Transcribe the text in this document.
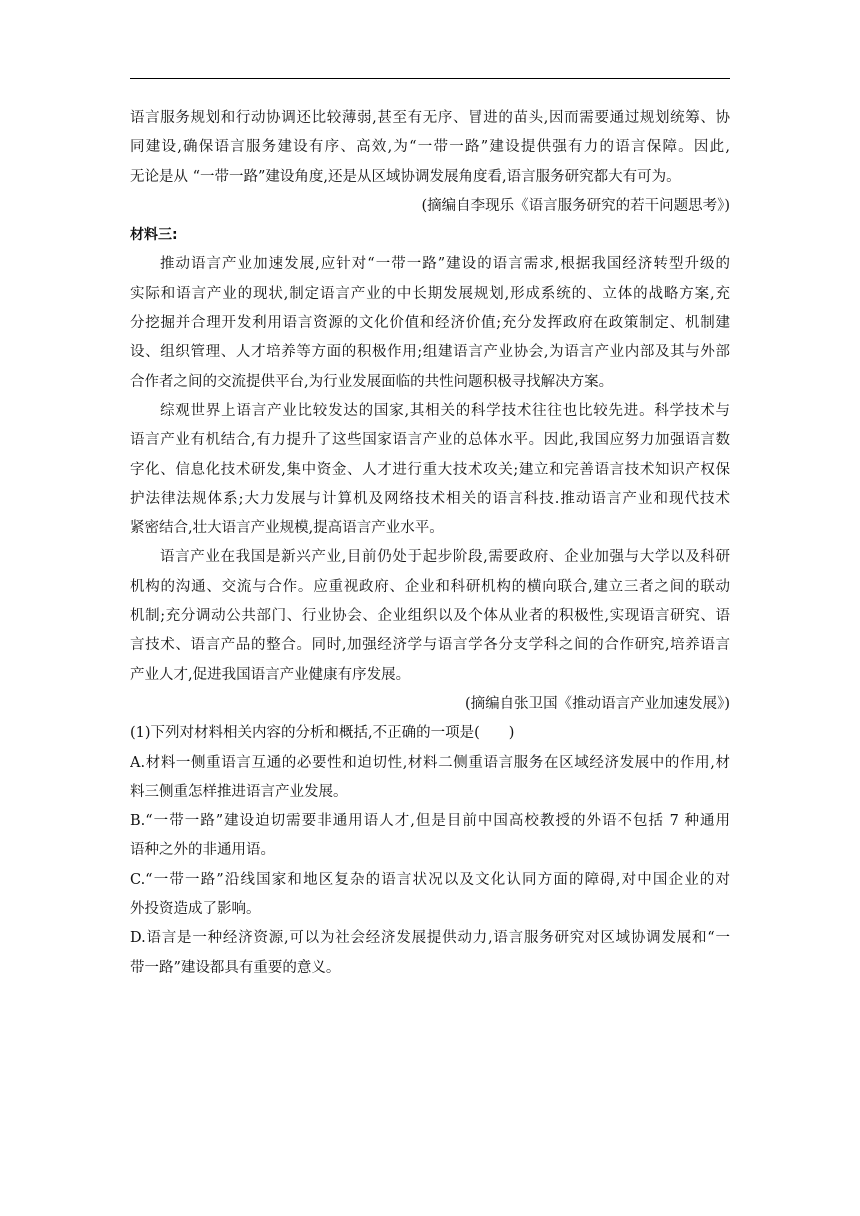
语言服务规划和行动协调还比较薄弱,甚至有无序、冒进的苗头,因而需要通过规划统筹、协
同建设,确保语言服务建设有序、高效,为“一带一路”建设提供强有力的语言保障。因此,
无论是从 “一带一路”建设角度,还是从区域协调发展角度看,语言服务研究都大有可为。
(摘编自李现乐《语言服务研究的若干问题思考》)
材料三:
推动语言产业加速发展,应针对“一带一路”建设的语言需求,根据我国经济转型升级的
实际和语言产业的现状,制定语言产业的中长期发展规划,形成系统的、立体的战略方案,充
分挖掘并合理开发利用语言资源的文化价值和经济价值;充分发挥政府在政策制定、机制建
设、组织管理、人才培养等方面的积极作用;组建语言产业协会,为语言产业内部及其与外部
合作者之间的交流提供平台,为行业发展面临的共性问题积极寻找解决方案。
综观世界上语言产业比较发达的国家,其相关的科学技术往往也比较先进。科学技术与
语言产业有机结合,有力提升了这些国家语言产业的总体水平。因此,我国应努力加强语言数
字化、信息化技术研发,集中资金、人才进行重大技术攻关;建立和完善语言技术知识产权保
护法律法规体系;大力发展与计算机及网络技术相关的语言科技.推动语言产业和现代技术
紧密结合,壮大语言产业规模,提高语言产业水平。
语言产业在我国是新兴产业,目前仍处于起步阶段,需要政府、企业加强与大学以及科研
机构的沟通、交流与合作。应重视政府、企业和科研机构的横向联合,建立三者之间的联动
机制;充分调动公共部门、行业协会、企业组织以及个体从业者的积极性,实现语言研究、语
言技术、语言产品的整合。同时,加强经济学与语言学各分支学科之间的合作研究,培养语言
产业人才,促进我国语言产业健康有序发展。
(摘编自张卫国《推动语言产业加速发展》)
(1)下列对材料相关内容的分析和概括,不正确的一项是(　　)
A.材料一侧重语言互通的必要性和迫切性,材料二侧重语言服务在区域经济发展中的作用,材
料三侧重怎样推进语言产业发展。
B.“一带一路”建设迫切需要非通用语人才,但是目前中国高校教授的外语不包括 7 种通用
语种之外的非通用语。
C.“一带一路”沿线国家和地区复杂的语言状况以及文化认同方面的障碍,对中国企业的对
外投资造成了影响。
D.语言是一种经济资源,可以为社会经济发展提供动力,语言服务研究对区域协调发展和“一
带一路”建设都具有重要的意义。
